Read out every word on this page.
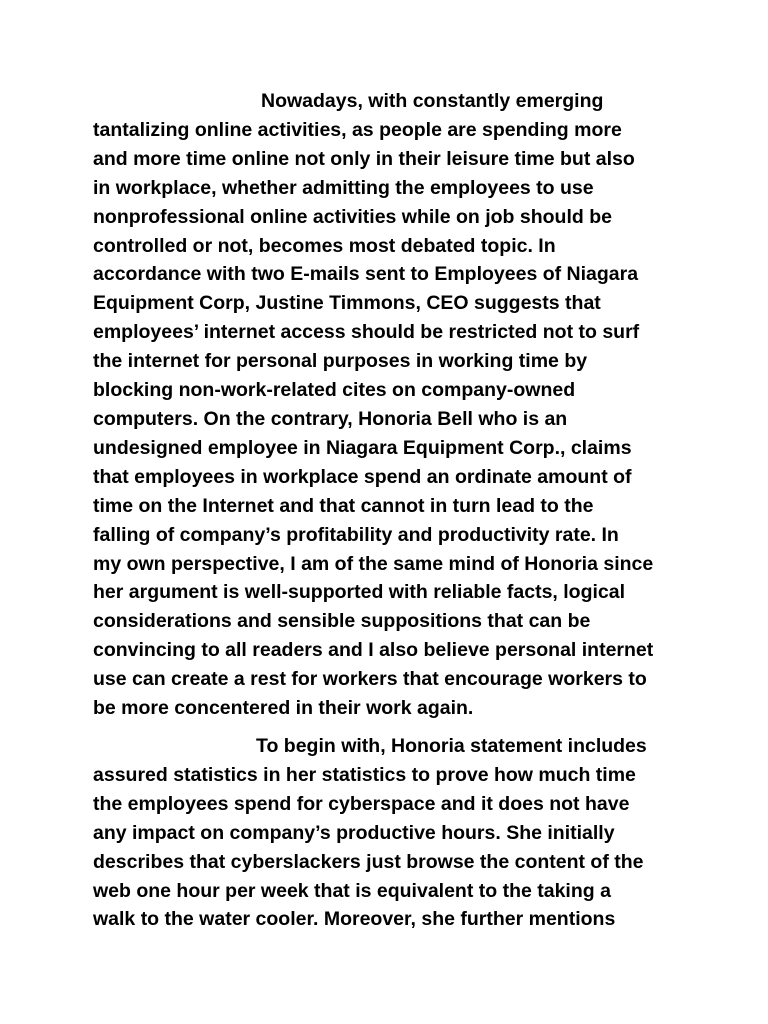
Nowadays, with constantly emerging
tantalizing online activities, as people are spending more
and more time online not only in their leisure time but also
in workplace, whether admitting the employees to use
nonprofessional online activities while on job should be
controlled or not, becomes most debated topic. In
accordance with two E-mails sent to Employees of Niagara
Equipment Corp, Justine Timmons, CEO suggests that
employees’ internet access should be restricted not to surf
the internet for personal purposes in working time by
blocking non-work-related cites on company-owned
computers. On the contrary, Honoria Bell who is an
undesigned employee in Niagara Equipment Corp., claims
that employees in workplace spend an ordinate amount of
time on the Internet and that cannot in turn lead to the
falling of company’s profitability and productivity rate. In
my own perspective, I am of the same mind of Honoria since
her argument is well-supported with reliable facts, logical
considerations and sensible suppositions that can be
convincing to all readers and I also believe personal internet
use can create a rest for workers that encourage workers to
be more concentered in their work again.
To begin with, Honoria statement includes
assured statistics in her statistics to prove how much time
the employees spend for cyberspace and it does not have
any impact on company’s productive hours. She initially
describes that cyberslackers just browse the content of the
web one hour per week that is equivalent to the taking a
walk to the water cooler. Moreover, she further mentions
